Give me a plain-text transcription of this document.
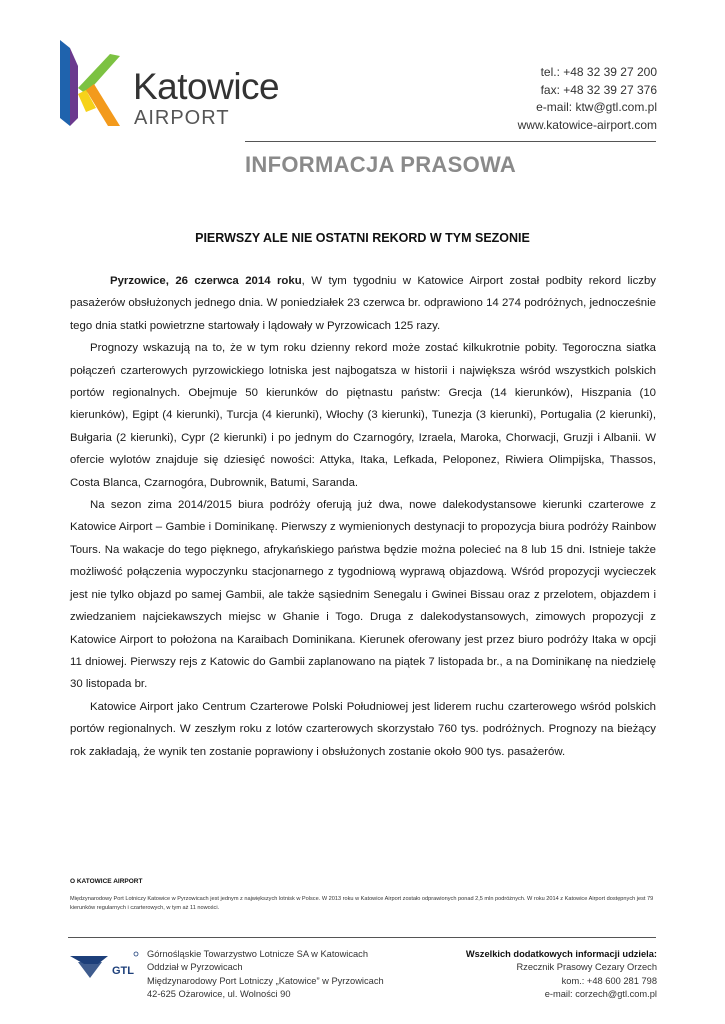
Katowice
AIRPORT
tel.: +48 32 39 27 200
fax: +48 32 39 27 376
e-mail: ktw@gtl.com.pl
www.katowice-airport.com
INFORMACJA PRASOWA
PIERWSZY ALE NIE OSTATNI REKORD W TYM SEZONIE

Pyrzowice, 26 czerwca 2014 roku, W tym tygodniu w Katowice Airport został podbity rekord liczby pasażerów obsłużonych jednego dnia. W poniedziałek 23 czerwca br. odprawiono 14 274 podróżnych, jednocześnie tego dnia statki powietrzne startowały i lądowały w Pyrzowicach 125 razy.

Prognozy wskazują na to, że w tym roku dzienny rekord może zostać kilkukrotnie pobity. Tegoroczna siatka połączeń czarterowych pyrzowickiego lotniska jest najbogatsza w historii i największa wśród wszystkich polskich portów regionalnych. Obejmuje 50 kierunków do piętnastu państw: Grecja (14 kierunków), Hiszpania (10 kierunków), Egipt (4 kierunki), Turcja (4 kierunki), Włochy (3 kierunki), Tunezja (3 kierunki), Portugalia (2 kierunki), Bułgaria (2 kierunki), Cypr (2 kierunki) i po jednym do Czarnogóry, Izraela, Maroka, Chorwacji, Gruzji i Albanii. W ofercie wylotów znajduje się dziesięć nowości: Attyka, Itaka, Lefkada, Peloponez, Riwiera Olimpijska, Thassos, Costa Blanca, Czarnogóra, Dubrownik, Batumi, Saranda.

Na sezon zima 2014/2015 biura podróży oferują już dwa, nowe dalekodystansowe kierunki czarterowe z Katowice Airport – Gambie i Dominikanę. Pierwszy z wymienionych destynacji to propozycja biura podróży Rainbow Tours. Na wakacje do tego pięknego, afrykańskiego państwa będzie można polecieć na 8 lub 15 dni. Istnieje także możliwość połączenia wypoczynku stacjonarnego z tygodniową wyprawą objazdową. Wśród propozycji wycieczek jest nie tylko objazd po samej Gambii, ale także sąsiednim Senegalu i Gwinei Bissau oraz z przelotem, objazdem i zwiedzaniem najciekawszych miejsc w Ghanie i Togo. Druga z dalekodystansowych, zimowych propozycji z Katowice Airport to położona na Karaibach Dominikana. Kierunek oferowany jest przez biuro podróży Itaka w opcji 11 dniowej. Pierwszy rejs z Katowic do Gambii zaplanowano na piątek 7 listopada br., a na Dominikanę na niedzielę 30 listopada br.

Katowice Airport jako Centrum Czarterowe Polski Południowej jest liderem ruchu czarterowego wśród polskich portów regionalnych. W zeszłym roku z lotów czarterowych skorzystało 760 tys. podróżnych. Prognozy na bieżący rok zakładają, że wynik ten zostanie poprawiony i obsłużonych zostanie około 900 tys. pasażerów.

O KATOWICE AIRPORT
Międzynarodowy Port Lotniczy Katowice w Pyrzowicach jest jednym z największych lotnisk w Polsce. W 2013 roku w Katowice Airport zostało odprawionych ponad 2,5 mln podróżnych. W roku 2014 z Katowice Airport dostępnych jest 79 kierunków regularnych i czarterowych, w tym aż 11 nowości.
GTL
Górnośląskie Towarzystwo Lotnicze SA w Katowicach
Oddział w Pyrzowicach
Międzynarodowy Port Lotniczy „Katowice” w Pyrzowicach
42-625 Ożarowice, ul. Wolności 90
Wszelkich dodatkowych informacji udziela:
Rzecznik Prasowy Cezary Orzech
kom.: +48 600 281 798
e-mail: corzech@gtl.com.pl
